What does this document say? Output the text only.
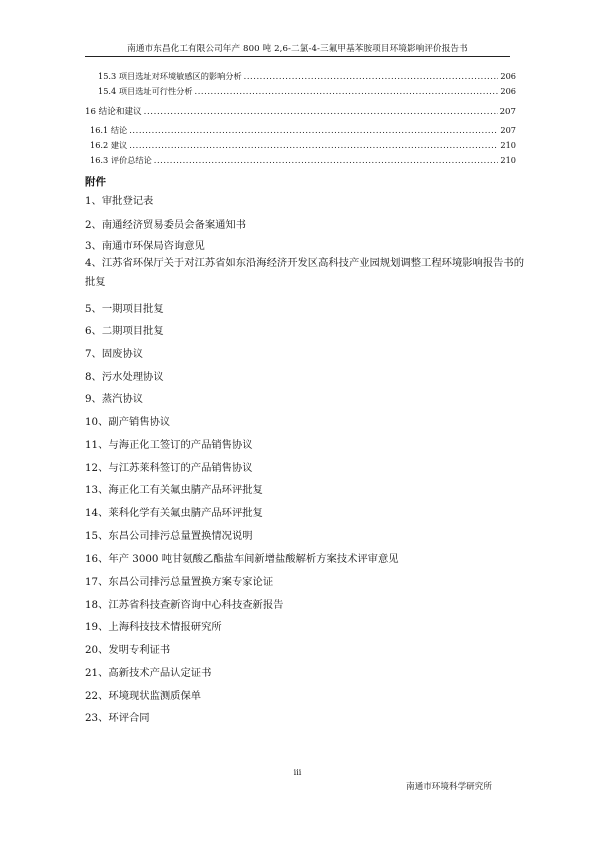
南通市东昌化工有限公司年产 800 吨 2,6-二氯-4-三氟甲基苯胺项目环境影响评价报告书
15.3 项目选址对环境敏感区的影响分析 .....	206
15.4 项目选址可行性分析 .....	206
16 结论和建议 .....	207
16.1 结论 .....	207
16.2 建议 .....	210
16.3 评价总结论 .....	210
附件
1、审批登记表
2、南通经济贸易委员会备案通知书
3、南通市环保局咨询意见
4、江苏省环保厅关于对江苏省如东沿海经济开发区高科技产业园规划调整工程环境影响报告书的批复
5、一期项目批复
6、二期项目批复
7、固废协议
8、污水处理协议
9、蒸汽协议
10、副产销售协议
11、与海正化工签订的产品销售协议
12、与江苏莱科签订的产品销售协议
13、海正化工有关氟虫腈产品环评批复
14、莱科化学有关氟虫腈产品环评批复
15、东昌公司排污总量置换情况说明
16、年产 3000 吨甘氨酸乙酯盐车间新增盐酸解析方案技术评审意见
17、东昌公司排污总量置换方案专家论证
18、江苏省科技查新咨询中心科技查新报告
19、上海科技技术情报研究所
20、发明专利证书
21、高新技术产品认定证书
22、环境现状监测质保单
23、环评合同
iii
南通市环境科学研究所
